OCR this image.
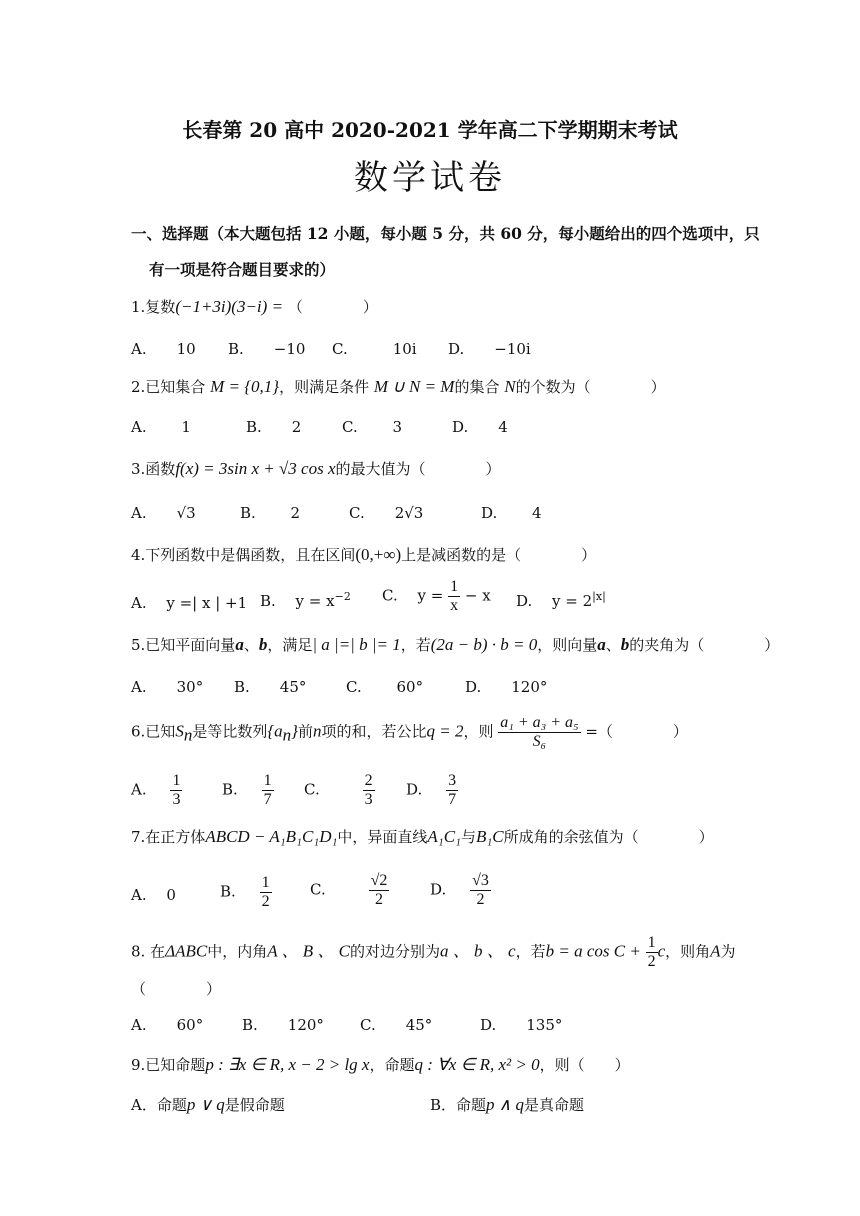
长春第 20 高中 2020-2021 学年高二下学期期末考试
数学试卷
一、选择题（本大题包括 12 小题，每小题 5 分，共 60 分，每小题给出的四个选项中，只
有一项是符合题目要求的）
1.复数(−1+3i)(3−i) = （　　　　）
A.　　10 B.　　−10 C.　　　10i D.　　−10i
2.已知集合 M = {0,1}，则满足条件 M ∪ N = M的集合 N的个数为（　　　　）
A.　　 1	B.　　2	C.　　 3	D.　　4
3.函数f(x) = 3sin x + √3 cos x的最大值为（　　　　）
A.　　√3	B.　　 2	C.　　2√3	D.　　 4
4.下列函数中是偶函数，且在区间(0,+∞)上是减函数的是（　　　　）
A.　 y =| x | +1 B.　 $y = x^{-2}$ C.　 $y = \frac{1}{x} - x$ D.　 $y = 2^{|x|}$
5.已知平面向量a、b，满足| a |=| b |= 1，若(2a − b) · b = 0，则向量a、b的夹角为（　　　　）
A.　　30° B.　　45°	C.　　 60°	D.　　120°
6.已知$S_n$是等比数列$\{a_n\}$前n项的和，若公比q = 2，则 $\frac{\text{a₁ + a₃ + a₅}}{\text{S₆}}$ =（　　　　）
A. $\frac{1}{3}$	B. $\frac{1}{7} C$.	$\frac{2}{3} D$. $\frac{3}{7}$
7.在正方体ABCD − A₁B₁C₁D₁中，异面直线A₁C₁与B₁C所成角的余弦值为（　　　　）
A.　 0	B. $\frac{1}{2}$	C.	$\frac{√2}{2}$	D. $\frac{√3}{2}$
8. 在ΔABC中，内角A 、 B 、 C的对边分别为a 、 b 、 c，若b = a $\cos C + \frac{1}{2}$ c，则角A为
（　　　　）
A.　　60°	B.　　120° C.　　45°	D.　　135°
9.已知命题p : ∃x ∈ R, x − 2 > lg x，命题q : ∀x ∈ R, x² > 0，则（　　）
A．命题p ∨ q是假命题	B．命题p ∧ q是真命题
